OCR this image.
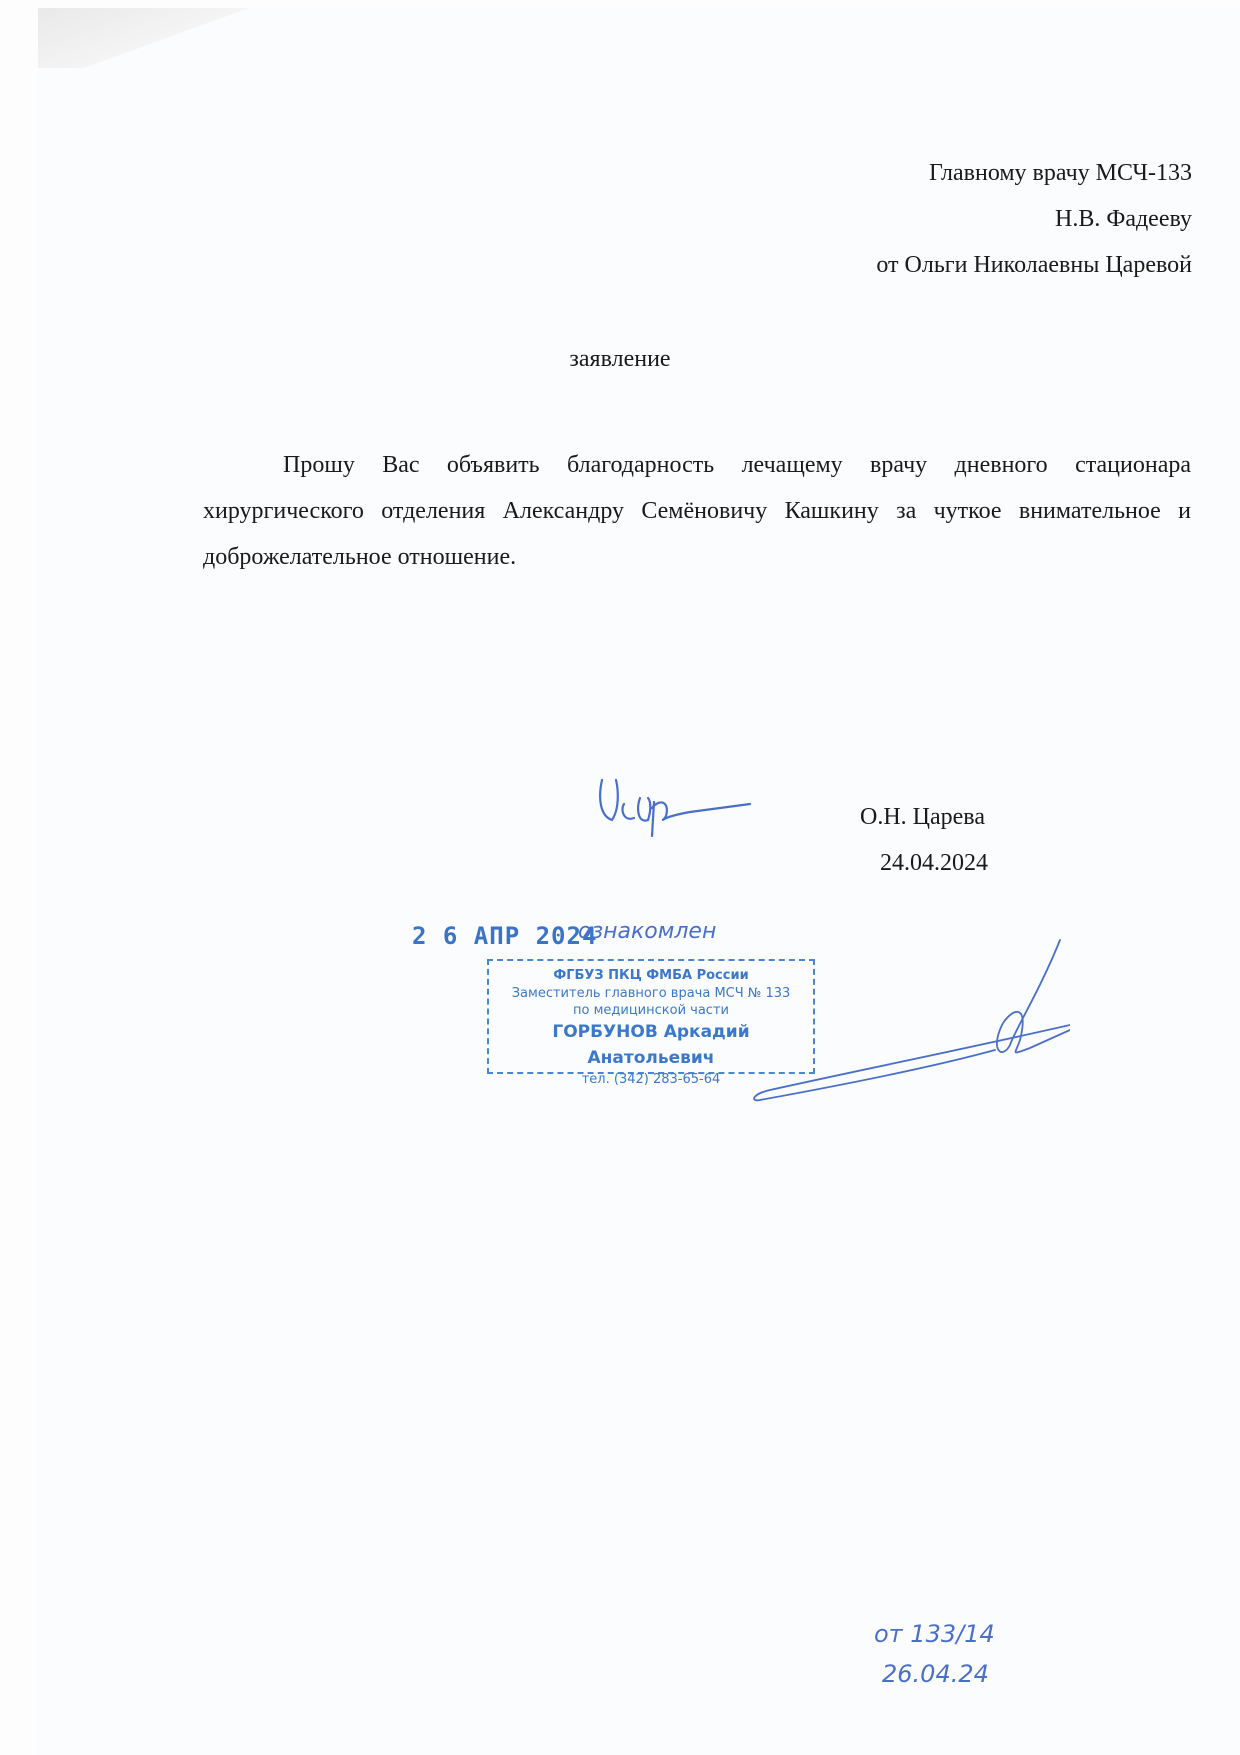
Главному врачу МСЧ-133
Н.В. Фадееву
от Ольги Николаевны Царевой
заявление
Прошу Вас объявить благодарность лечащему врачу дневного стационара хирургического отделения Александру Семёновичу Кашкину за чуткое внимательное и доброжелательное отношение.
О.Н. Царева
24.04.2024
2 6 АПР 2024
ознакомлен
ФГБУЗ ПКЦ ФМБА России
Заместитель главного врача МСЧ № 133
по медицинской части
ГОРБУНОВ Аркадий Анатольевич
тел. (342) 283-65-64
от 133/14
26.04.24
